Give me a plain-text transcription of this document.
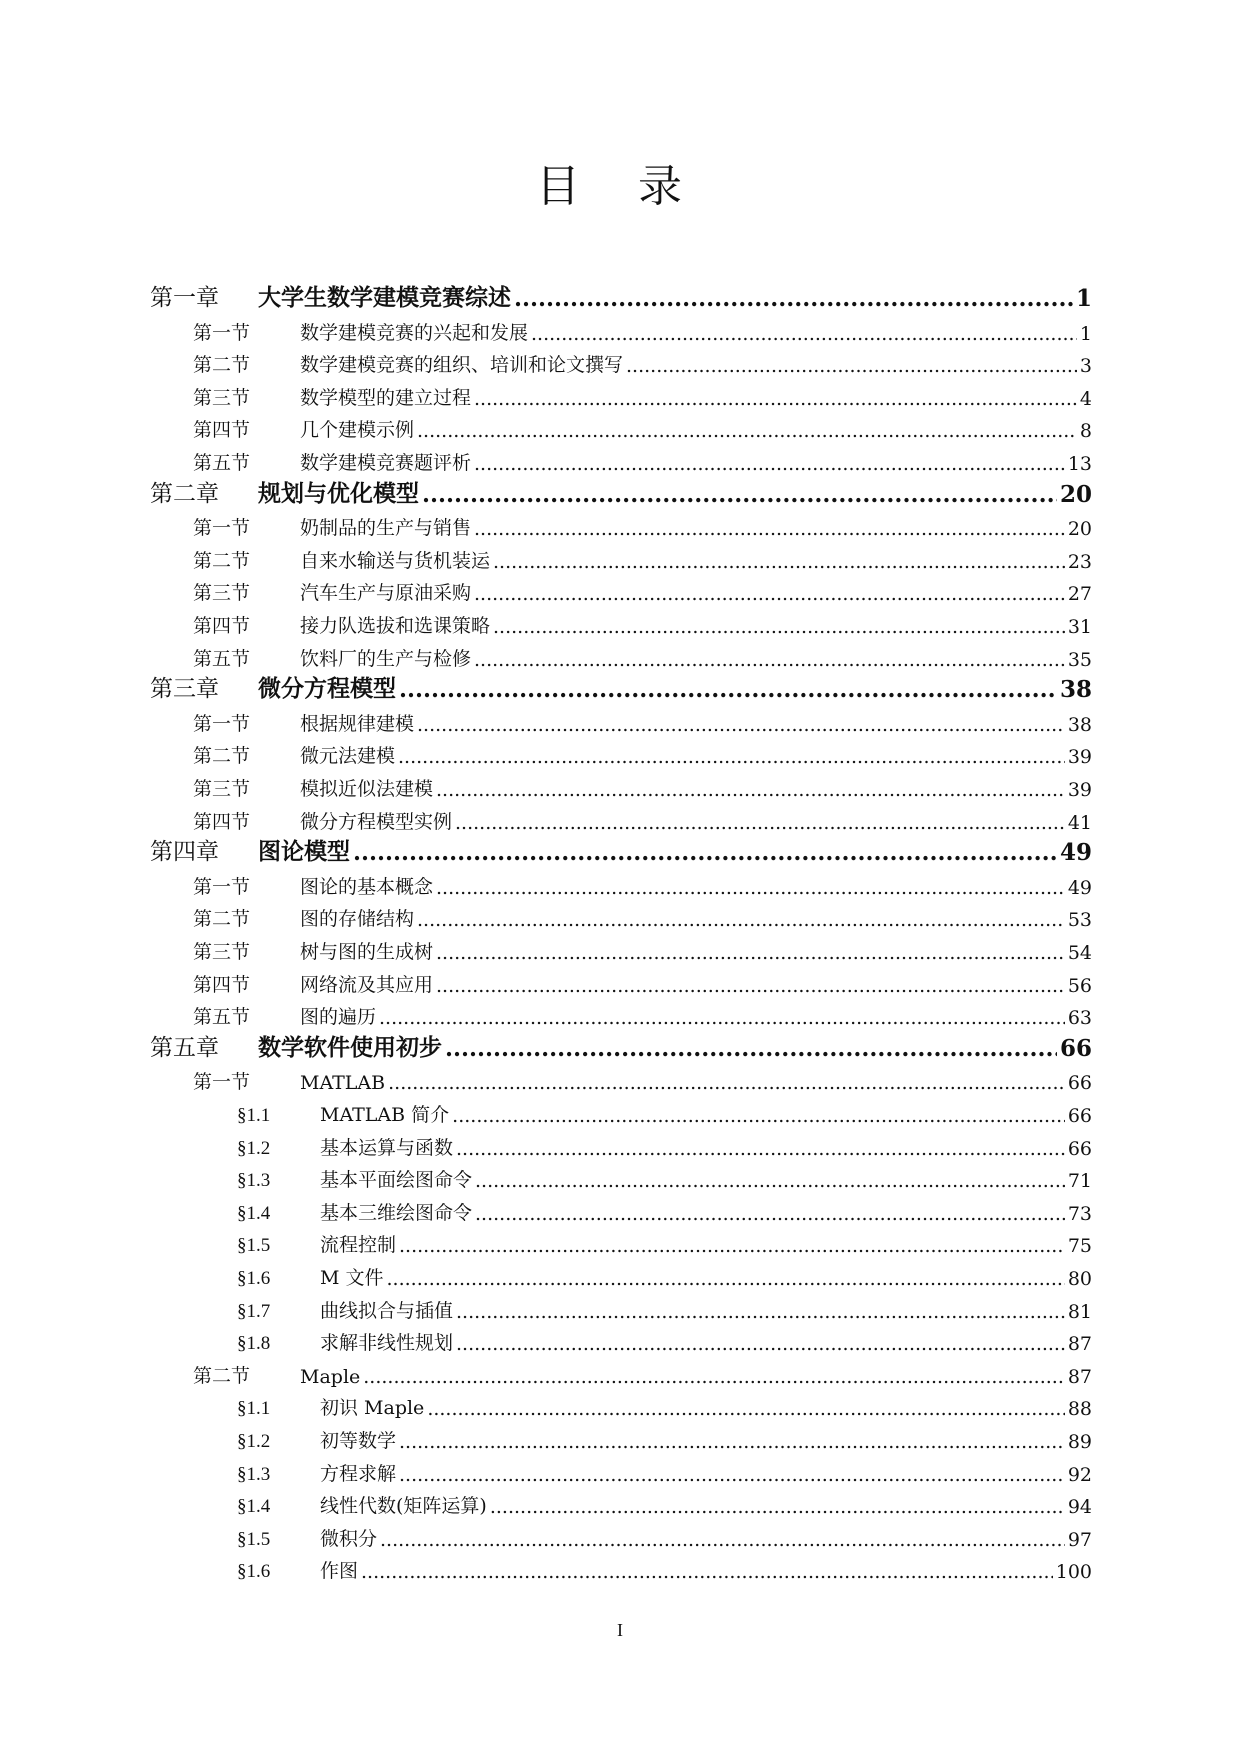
目 录
第一章	大学生数学建模竞赛综述 .....	1
第一节	数学建模竞赛的兴起和发展 .....	1
第二节	数学建模竞赛的组织、培训和论文撰写 .....	3
第三节	数学模型的建立过程 .....	4
第四节	几个建模示例 .....	8
第五节	数学建模竞赛题评析 .....	13
第二章	规划与优化模型 .....	20
第一节	奶制品的生产与销售 .....	20
第二节	自来水输送与货机装运 .....	23
第三节	汽车生产与原油采购 .....	27
第四节	接力队选拔和选课策略 .....	31
第五节	饮料厂的生产与检修 .....	35
第三章	微分方程模型 .....	38
第一节	根据规律建模 .....	38
第二节	微元法建模 .....	39
第三节	模拟近似法建模 .....	39
第四节	微分方程模型实例 .....	41
第四章	图论模型 .....	49
第一节	图论的基本概念 .....	49
第二节	图的存储结构 .....	53
第三节	树与图的生成树 .....	54
第四节	网络流及其应用 .....	56
第五节	图的遍历 .....	63
第五章	数学软件使用初步 .....	66
第一节	MATLAB .....	66
§1.1	MATLAB 简介 .....	66
§1.2	基本运算与函数 .....	66
§1.3	基本平面绘图命令 .....	71
§1.4	基本三维绘图命令 .....	73
§1.5	流程控制 .....	75
§1.6	M 文件 .....	80
§1.7	曲线拟合与插值 .....	81
§1.8	求解非线性规划 .....	87
第二节	Maple .....	87
§1.1	初识 Maple .....	88
§1.2	初等数学 .....	89
§1.3	方程求解 .....	92
§1.4	线性代数(矩阵运算) .....	94
§1.5	微积分 .....	97
§1.6	作图 .....	100
I
